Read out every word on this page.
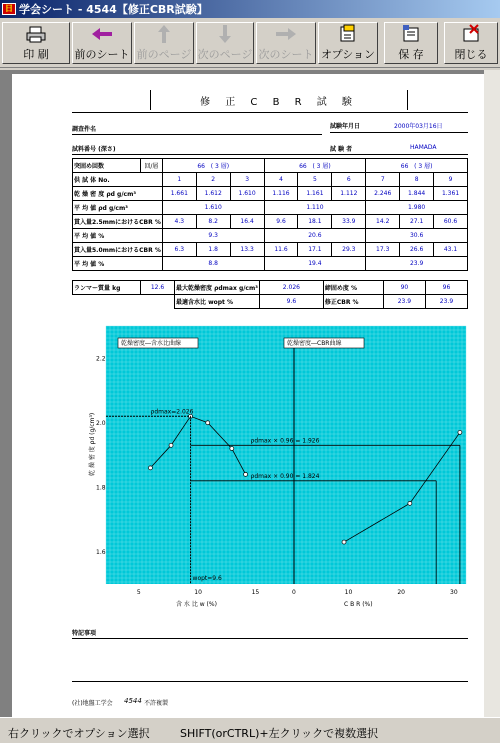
日 学会シート - 4544【修正CBR試験】
印 刷	前のシート 前のページ 次のページ 次のシート オプション	保 存	閉じる
修 正 C B R 試 験
調査件名	試験年月日	2000年03月16日
試料番号 (深さ)	試 験 者	HAMADA
突固め回数	回/層	66 ( 3 層)			66 ( 3 層)			66 ( 3 層)		
供 試 体 No.		1	2	3	4	5	6	7	8	9
乾 燥 密 度 ρd g/cm³		1.661	1.612	1.610	1.116	1.161	1.112	2.246	1.844	1.361
平 均 値 ρd g/cm³		1.610			1.110			1.980		
貫入量2.5mmにおけるCBR %		4.3	8.2	16.4	9.6	18.1	33.9	14.2	27.1	60.6
平 均 値 %		9.3			20.6			30.6		
貫入量5.0mmにおけるCBR %		6.3	1.8	13.3	11.6	17.1	29.3	17.3	26.6	43.1
平 均 値 %		8.8			19.4			23.9		
ランマー質量 kg	12.6	最大乾燥密度 ρdmax g/cm³	2.026	締固め度 %	90	96
		最適含水比 wopt %	9.6	修正CBR %	23.9	23.9
乾燥密度―含水比曲線	乾燥密度―CBR曲線
1.6
1.8
2.0
2.2
乾 燥 密 度 ρd (g/cm³)
5	10	15	0	10	20	30
含 水 比 w (%)	C B R (%)
ρdmax=2.026
ρdmax × 0.96 = 1.926
ρdmax × 0.90 = 1.824
wopt=9.6
特記事項
(社)地盤工学会 4544 不許複製
右クリックでオプション選択	SHIFT(orCTRL)+左クリックで複数選択
